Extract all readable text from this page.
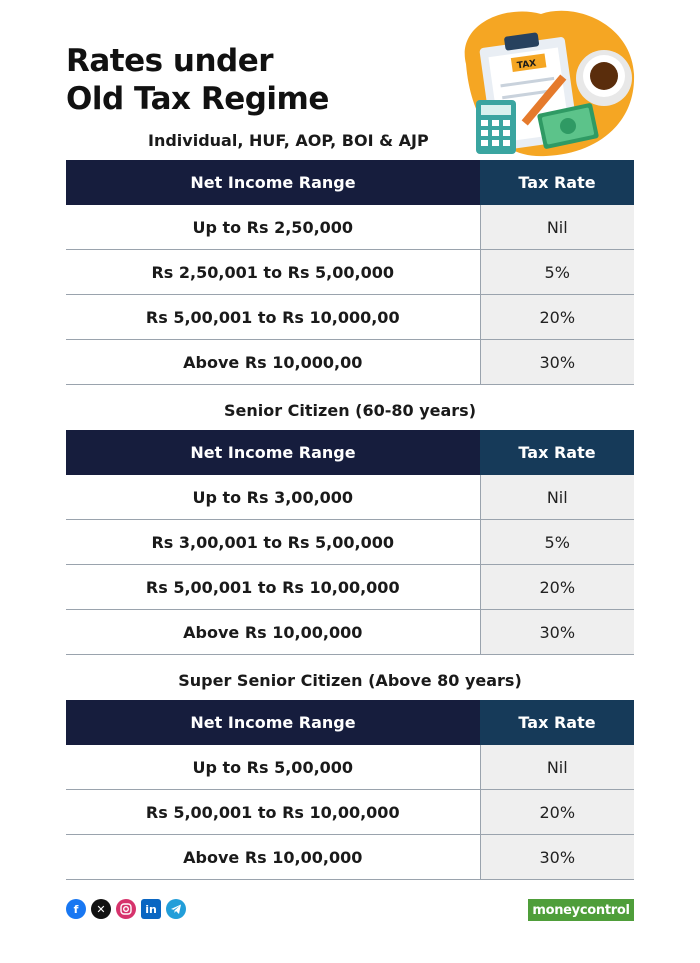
Rates under
Old Tax Regime
TAX
Individual, HUF, AOP, BOI & AJP
Net Income Range	Tax Rate
Up to Rs 2,50,000	Nil
Rs 2,50,001 to Rs 5,00,000	5%
Rs 5,00,001 to Rs 10,000,00	20%
Above Rs 10,000,00	30%
Senior Citizen (60-80 years)
Net Income Range	Tax Rate
Up to Rs 3,00,000	Nil
Rs 3,00,001 to Rs 5,00,000	5%
Rs 5,00,001 to Rs 10,00,000	20%
Above Rs 10,00,000	30%
Super Senior Citizen (Above 80 years)
Net Income Range	Tax Rate
Up to Rs 5,00,000	Nil
Rs 5,00,001 to Rs 10,00,000	20%
Above Rs 10,00,000	30%
f	✕	in	moneycontrol
